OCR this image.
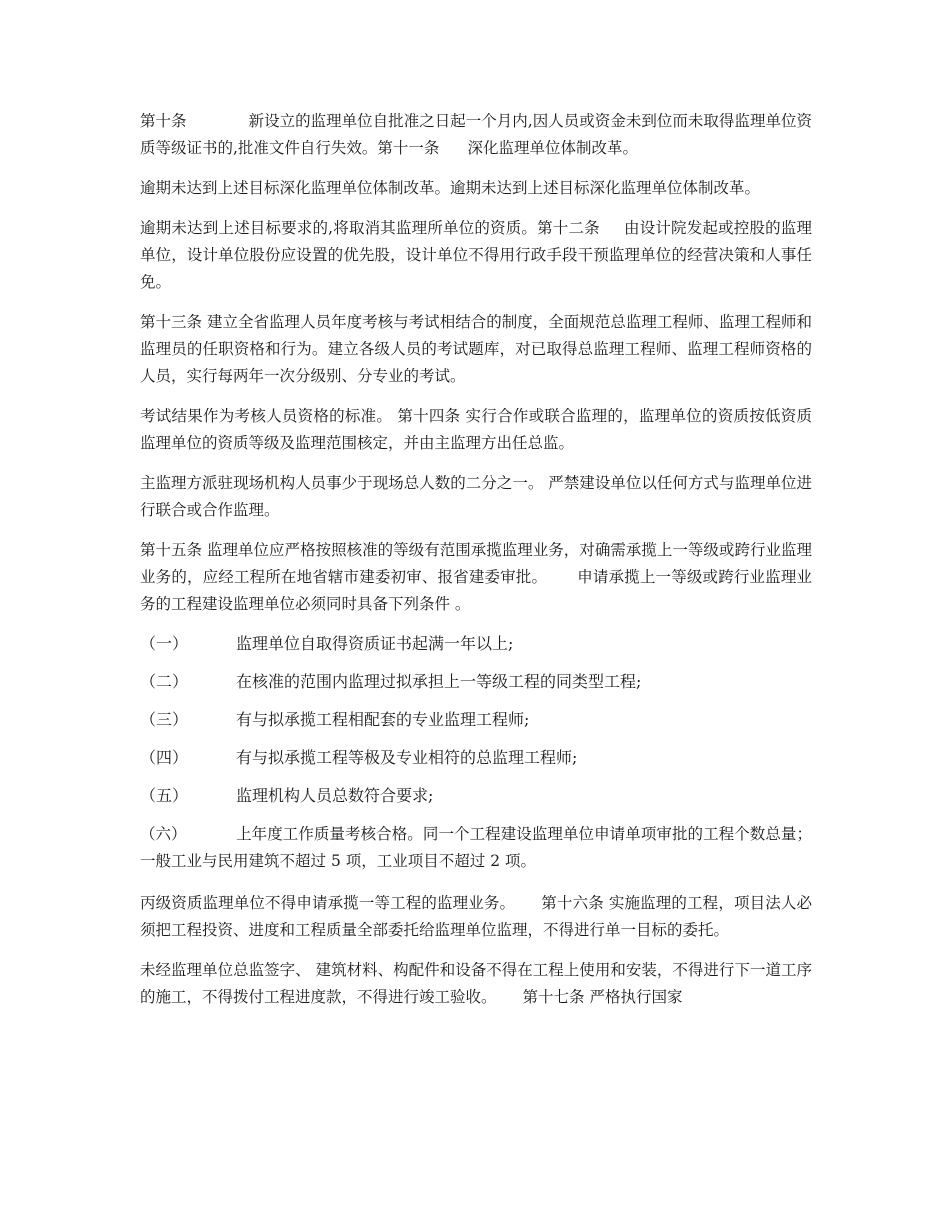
第十条	新设立的监理单位自批准之日起一个月内,因人员或资金未到位而未取得监理单位资质等级证书的,批准文件自行失效。第十一条 深化监理单位体制改革。

逾期未达到上述目标深化监理单位体制改革。逾期未达到上述目标深化监理单位体制改革。

逾期未达到上述目标要求的,将取消其监理所单位的资质。第十二条 由设计院发起或控股的监理单位，设计单位股份应设置的优先股，设计单位不得用行政手段干预监理单位的经营决策和人事任免。

第十三条 建立全省监理人员年度考核与考试相结合的制度，全面规范总监理工程师、监理工程师和监理员的任职资格和行为。建立各级人员的考试题库，对已取得总监理工程师、监理工程师资格的人员，实行每两年一次分级别、分专业的考试。

考试结果作为考核人员资格的标准。 第十四条 实行合作或联合监理的，监理单位的资质按低资质监理单位的资质等级及监理范围核定，并由主监理方出任总监。

主监理方派驻现场机构人员事少于现场总人数的二分之一。 严禁建设单位以任何方式与监理单位进行联合或合作监理。

第十五条 监理单位应严格按照核准的等级有范围承揽监理业务，对确需承揽上一等级或跨行业监理业务的，应经工程所在地省辖市建委初审、报省建委审批。 申请承揽上一等级或跨行业监理业务的工程建设监理单位必须同时具备下列条件 。

（一）	监理单位自取得资质证书起满一年以上;
（二）	在核准的范围内监理过拟承担上一等级工程的同类型工程;
（三）	有与拟承揽工程相配套的专业监理工程师;
（四）	有与拟承揽工程等极及专业相符的总监理工程师;
（五）	监理机构人员总数符合要求;

（六）	上年度工作质量考核合格。同一个工程建设监理单位申请单项审批的工程个数总量；一般工业与民用建筑不超过 5 项，工业项目不超过 2 项。

丙级资质监理单位不得申请承揽一等工程的监理业务。 第十六条 实施监理的工程，项目法人必须把工程投资、进度和工程质量全部委托给监理单位监理，不得进行单一目标的委托。

未经监理单位总监签字、 建筑材料、构配件和设备不得在工程上使用和安装，不得进行下一道工序的施工，不得拨付工程进度款，不得进行竣工验收。 第十七条 严格执行国家
